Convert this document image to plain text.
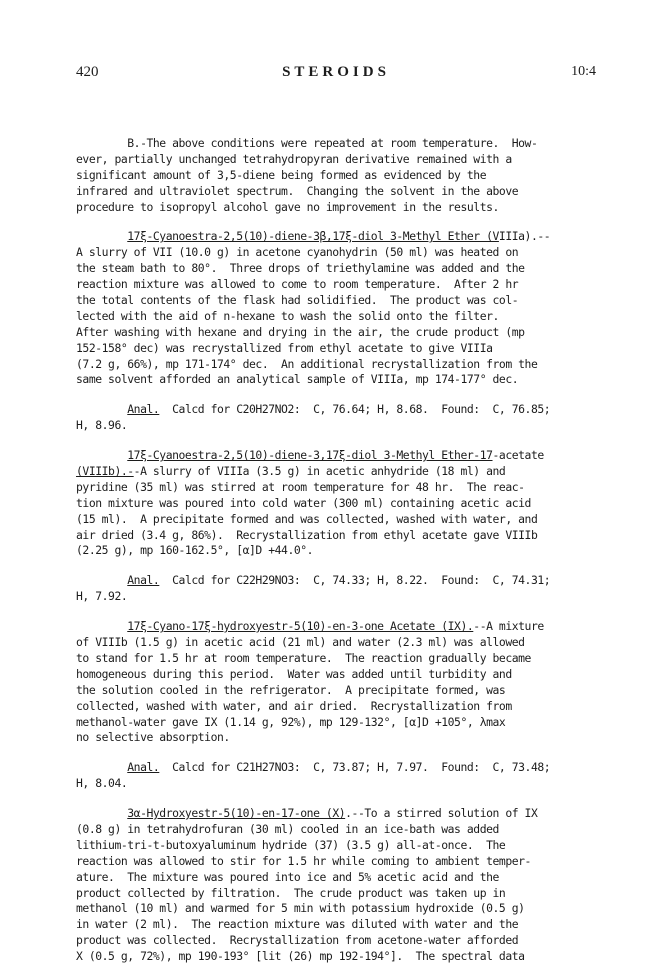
420	STEROIDS	10:4
B.-The above conditions were repeated at room temperature.  How-
ever, partially unchanged tetrahydropyran derivative remained with a
significant amount of 3,5-diene being formed as evidenced by the
infrared and ultraviolet spectrum.  Changing the solvent in the above
procedure to isopropyl alcohol gave no improvement in the results.
17ξ-Cyanoestra-2,5(10)-diene-3β,17ξ-diol 3-Methyl Ether (VIIIa).--
A slurry of VII (10.0 g) in acetone cyanohydrin (50 ml) was heated on
the steam bath to 80°.  Three drops of triethylamine was added and the
reaction mixture was allowed to come to room temperature.  After 2 hr
the total contents of the flask had solidified.  The product was col-
lected with the aid of n-hexane to wash the solid onto the filter.
After washing with hexane and drying in the air, the crude product (mp
152-158° dec) was recrystallized from ethyl acetate to give VIIIa
(7.2 g, 66%), mp 171-174° dec.  An additional recrystallization from the
same solvent afforded an analytical sample of VIIIa, mp 174-177° dec.
Anal.  Calcd for C20H27NO2:  C, 76.64; H, 8.68.  Found:  C, 76.85;
H, 8.96.
17ξ-Cyanoestra-2,5(10)-diene-3,17ξ-diol 3-Methyl Ether-17-acetate
(VIIIb).--A slurry of VIIIa (3.5 g) in acetic anhydride (18 ml) and
pyridine (35 ml) was stirred at room temperature for 48 hr.  The reac-
tion mixture was poured into cold water (300 ml) containing acetic acid
(15 ml).  A precipitate formed and was collected, washed with water, and
air dried (3.4 g, 86%).  Recrystallization from ethyl acetate gave VIIIb
(2.25 g), mp 160-162.5°, [α]D +44.0°.
Anal.  Calcd for C22H29NO3:  C, 74.33; H, 8.22.  Found:  C, 74.31;
H, 7.92.
17ξ-Cyano-17ξ-hydroxyestr-5(10)-en-3-one Acetate (IX).--A mixture
of VIIIb (1.5 g) in acetic acid (21 ml) and water (2.3 ml) was allowed
to stand for 1.5 hr at room temperature.  The reaction gradually became
homogeneous during this period.  Water was added until turbidity and
the solution cooled in the refrigerator.  A precipitate formed, was
collected, washed with water, and air dried.  Recrystallization from
methanol-water gave IX (1.14 g, 92%), mp 129-132°, [α]D +105°, λmax
no selective absorption.
Anal.  Calcd for C21H27NO3:  C, 73.87; H, 7.97.  Found:  C, 73.48;
H, 8.04.
3α-Hydroxyestr-5(10)-en-17-one (X).--To a stirred solution of IX
(0.8 g) in tetrahydrofuran (30 ml) cooled in an ice-bath was added
lithium-tri-t-butoxyaluminum hydride (37) (3.5 g) all-at-once.  The
reaction was allowed to stir for 1.5 hr while coming to ambient temper-
ature.  The mixture was poured into ice and 5% acetic acid and the
product collected by filtration.  The crude product was taken up in
methanol (10 ml) and warmed for 5 min with potassium hydroxide (0.5 g)
in water (2 ml).  The reaction mixture was diluted with water and the
product was collected.  Recrystallization from acetone-water afforded
X (0.5 g, 72%), mp 190-193° [lit (26) mp 192-194°].  The spectral data
